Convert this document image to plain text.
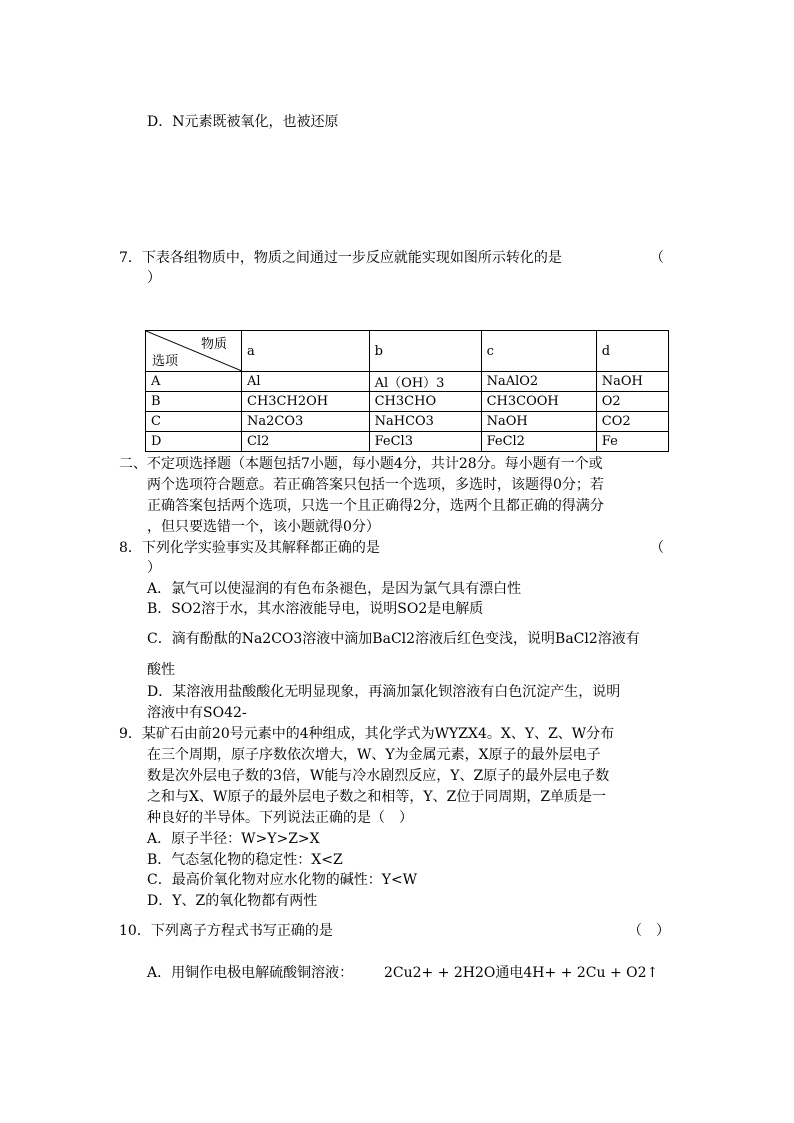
D．N元素既被氧化，也被还原
7．下表各组物质中，物质之间通过一步反应就能实现如图所示转化的是	（
）
物质
选项	a	b	c	d
A	Al	Al（OH）3	NaAlO2	NaOH
B	CH3CH2OH	CH3CHO	CH3COOH	O2
C	Na2CO3	NaHCO3	NaOH	CO2
D	Cl2	FeCl3	FeCl2	Fe
二、不定项选择题（本题包括7小题，每小题4分，共计28分。每小题有一个或
两个选项符合题意。若正确答案只包括一个选项，多选时，该题得0分；若
正确答案包括两个选项，只选一个且正确得2分，选两个且都正确的得满分
，但只要选错一个，该小题就得0分）
8．下列化学实验事实及其解释都正确的是	（
）
A．氯气可以使湿润的有色布条褪色，是因为氯气具有漂白性
B．SO2溶于水，其水溶液能导电，说明SO2是电解质
C．滴有酚酞的Na2CO3溶液中滴加BaCl2溶液后红色变浅，说明BaCl2溶液有
酸性
D．某溶液用盐酸酸化无明显现象，再滴加氯化钡溶液有白色沉淀产生，说明
溶液中有SO42-
9．某矿石由前20号元素中的4种组成，其化学式为WYZX4。X、Y、Z、W分布
在三个周期，原子序数依次增大，W、Y为金属元素，X原子的最外层电子
数是次外层电子数的3倍，W能与冷水剧烈反应，Y、Z原子的最外层电子数
之和与X、W原子的最外层电子数之和相等，Y、Z位于同周期，Z单质是一
种良好的半导体。下列说法正确的是（　）
A．原子半径：W>Y>Z>X
B．气态氢化物的稳定性：X<Z
C．最高价氧化物对应水化物的碱性：Y<W
D．Y、Z的氧化物都有两性
10．下列离子方程式书写正确的是	（　）
A．用铜作电极电解硫酸铜溶液： 2Cu2+ + 2H2O通电4H+ + 2Cu + O2↑
